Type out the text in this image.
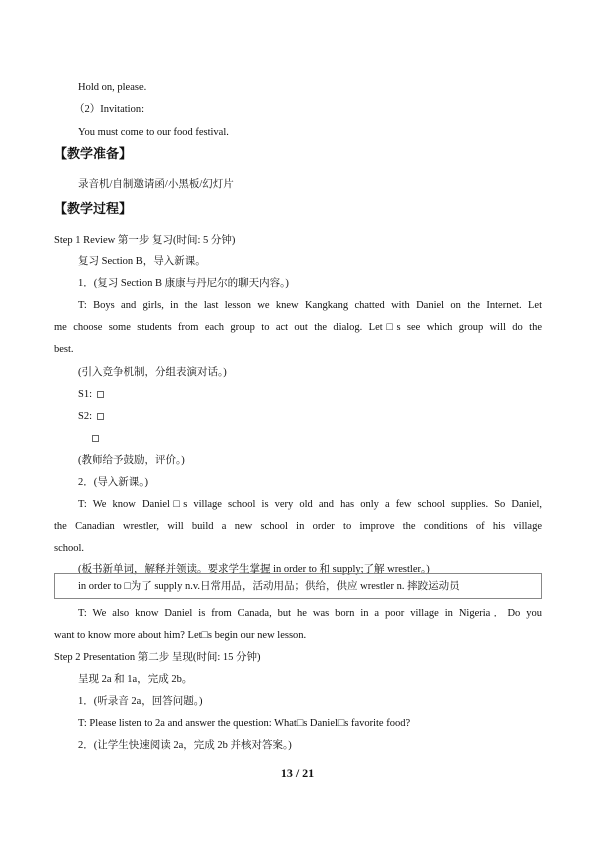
Hold on, please.
（2）Invitation:
You must come to our food festival.
【教学准备】
录音机/自制邀请函/小黑板/幻灯片
【教学过程】
Step 1 Review 第一步 复习(时间: 5 分钟)
复习 Section B，导入新课。
1．(复习 Section B 康康与丹尼尔的聊天内容。)
T: Boys and girls, in the last lesson we knew Kangkang chatted with Daniel on the Internet. Let
me choose some students from each group to act out the dialog. Let□s see which group will do the
best.
(引入竞争机制，分组表演对话。)
S1:
S2:
(教师给予鼓励，评价。)
2．(导入新课。)
T: We know Daniel□s village school is very old and has only a few school supplies. So Daniel,
the Canadian wrestler, will build a new school in order to improve the conditions of his village
school.
(板书新单词，解释并领读。要求学生掌握 in order to 和 supply;了解 wrestler。)
in order to □为了 supply n.v.日常用品，活动用品；供给，供应 wrestler n. 摔跤运动员
T: We also know Daniel is from Canada, but he was born in a poor village in Nigeria．Do you
want to know more about him? Let□s begin our new lesson.
Step 2 Presentation 第二步 呈现(时间: 15 分钟)
呈现 2a 和 1a，完成 2b。
1．(听录音 2a，回答问题。)
T: Please listen to 2a and answer the question: What□s Daniel□s favorite food?
2．(让学生快速阅读 2a，完成 2b 并核对答案。)
13 / 21
